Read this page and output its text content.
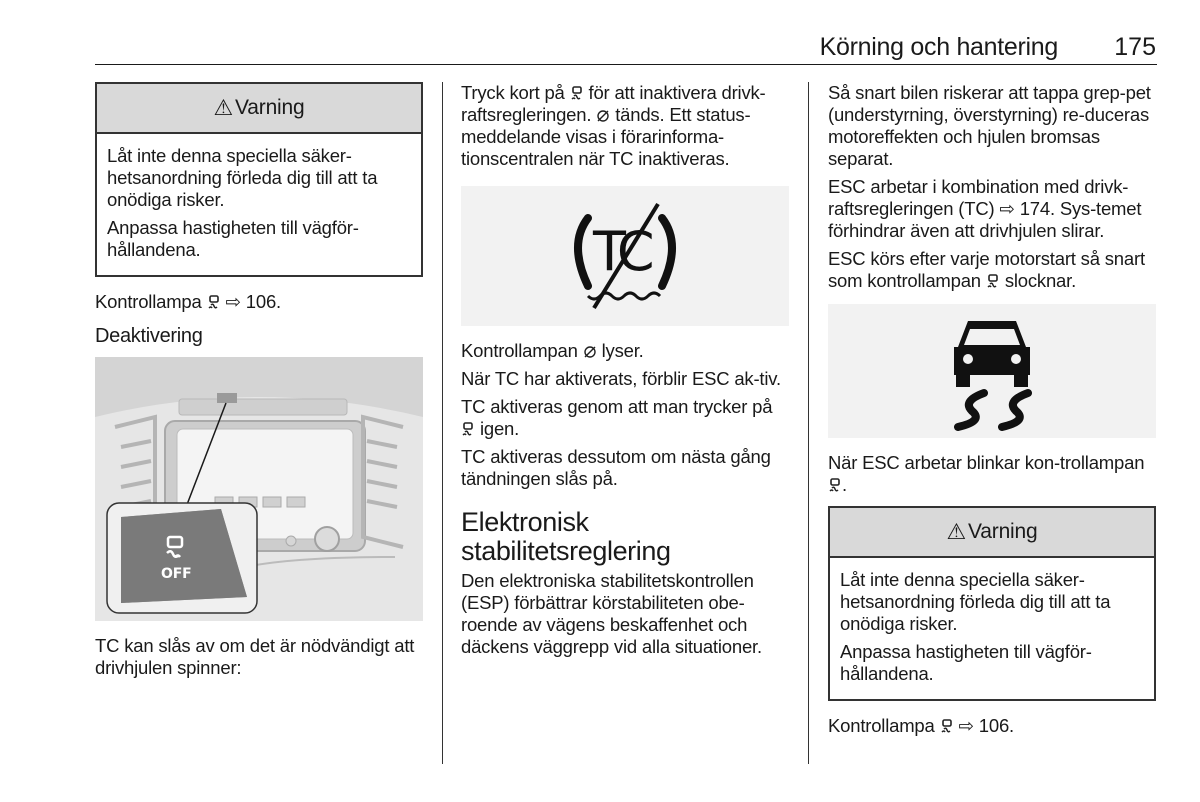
Körning och hantering 175
⚠ Varning

Låt inte denna speciella säker-hetsanordning förleda dig till att ta onödiga risker.

Anpassa hastigheten till vägför-hållandena.

Kontrollampa ⇨ 106.

Deaktivering
OFF

TC kan slås av om det är nödvändigt att drivhjulen spinner:

Tryck kort på för att inaktivera drivk-raftsregleringen. tänds. Ett status-meddelande visas i förarinforma-tionscentralen när TC inaktiveras.

TC

Kontrollampan lyser.

När TC har aktiverats, förblir ESC ak-tiv.

TC aktiveras genom att man trycker på  igen.

TC aktiveras dessutom om nästa gång tändningen slås på.

Elektronisk
stabilitetsreglering

Den elektroniska stabilitetskontrollen (ESP) förbättrar körstabiliteten obe-roende av vägens beskaffenhet och däckens väggrepp vid alla situationer.

Så snart bilen riskerar att tappa grep-pet (understyrning, överstyrning) re-duceras motoreffekten och hjulen bromsas separat.

ESC arbetar i kombination med drivk-raftsregleringen (TC) ⇨ 174. Sys-temet förhindrar även att drivhjulen slirar.

ESC körs efter varje motorstart så snart som kontrollampan slocknar.

När ESC arbetar blinkar kon-trollampan .

⚠ Varning

Låt inte denna speciella säker-hetsanordning förleda dig till att ta onödiga risker.

Anpassa hastigheten till vägför-hållandena.

Kontrollampa ⇨ 106.
